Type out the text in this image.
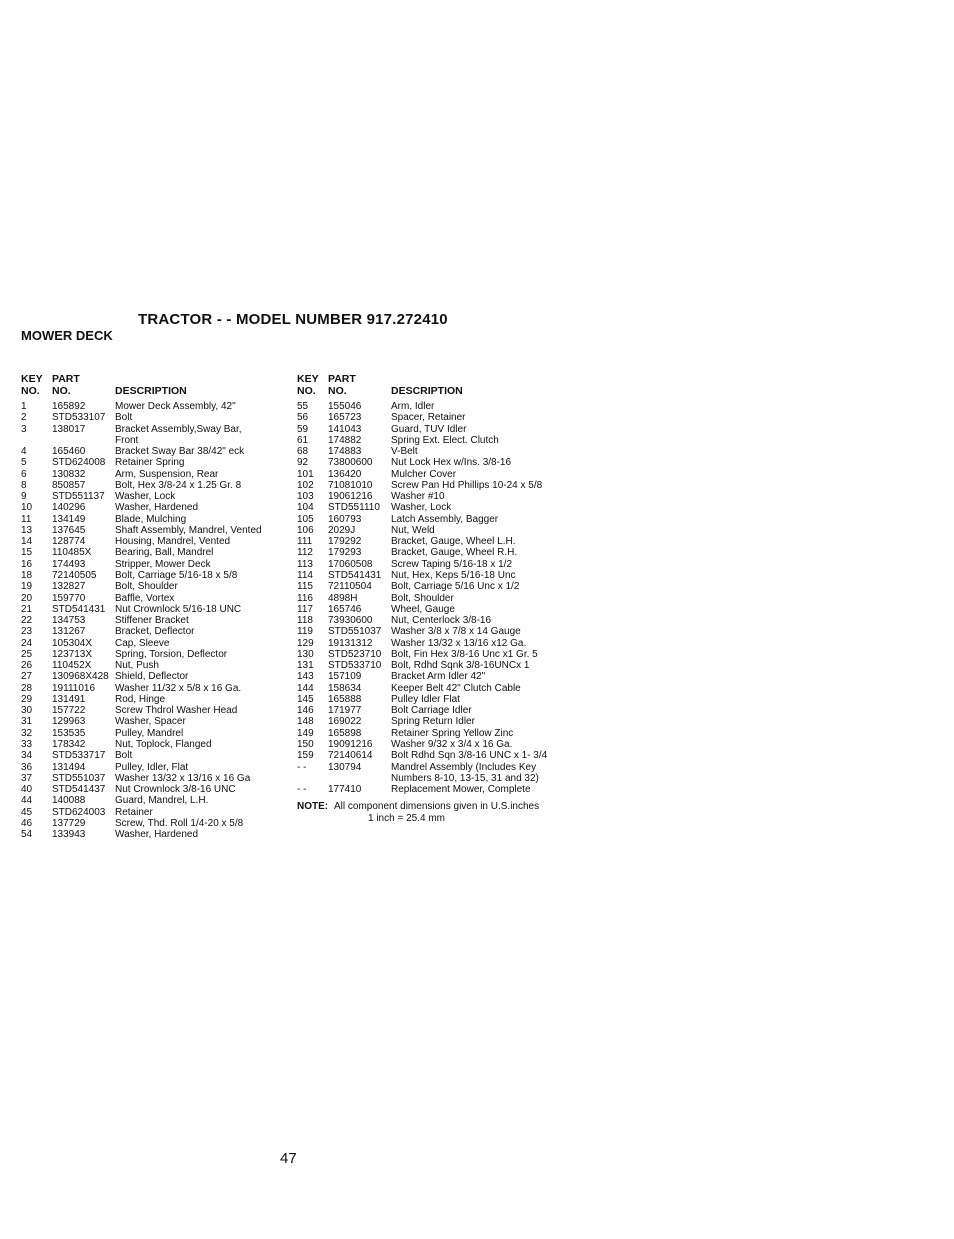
TRACTOR - - MODEL NUMBER 917.272410
MOWER DECK
KEY
NO.
PART
NO.	DESCRIPTION
1	165892	Mower Deck Assembly, 42"
2	STD533107 Bolt
3	138017	Bracket Assembly,Sway Bar,
Front
4	165460	Bracket Sway Bar 38/42" eck
5	STD624008 Retainer Spring
6	130832	Arm, Suspension, Rear
8	850857	Bolt, Hex 3/8-24 x 1.25 Gr. 8
9	STD551137	Washer, Lock
10	140296	Washer, Hardened
11	134149	Blade, Mulching
13	137645	Shaft Assembly, Mandrel, Vented
14	128774	Housing, Mandrel, Vented
15	110485X	Bearing, Ball, Mandrel
16	174493	Stripper, Mower Deck
18	72140505	Bolt, Carriage 5/16-18 x 5/8
19	132827	Bolt, Shoulder
20	159770	Baffle, Vortex
21	STD541431 Nut Crownlock 5/16-18 UNC
22	134753	Stiffener Bracket
23	131267	Bracket, Deflector
24	105304X	Cap, Sleeve
25	123713X	Spring, Torsion, Deflector
26	110452X	Nut, Push
27	130968X428 Shield, Deflector
28	19111016	Washer 11/32 x 5/8 x 16 Ga.
29	131491	Rod, Hinge
30	157722	Screw Thdrol Washer Head
31	129963	Washer, Spacer
32	153535	Pulley, Mandrel
33	178342	Nut, Toplock, Flanged
34	STD533717 Bolt
36	131494	Pulley, Idler, Flat
37	STD551037 Washer 13/32 x 13/16 x 16 Ga
40	STD541437 Nut Crownlock 3/8-16 UNC
44	140088	Guard, Mandrel, L.H.
45	STD624003 Retainer
46	137729	Screw, Thd. Roll 1/4-20 x 5/8
54	133943	Washer, Hardened
KEY
NO.
PART
NO.	DESCRIPTION
55	155046	Arm, Idler
56	165723	Spacer, Retainer
59	141043	Guard, TUV Idler
61	174882	Spring Ext. Elect. Clutch
68	174883	V-Belt
92	73800600	Nut Lock Hex w/Ins. 3/8-16
101	136420	Mulcher Cover
102	71081010	Screw Pan Hd Phillips 10-24 x 5/8
103	19061216	Washer #10
104	STD551110	Washer, Lock
105	160793	Latch Assembly, Bagger
106	2029J	Nut, Weld
111	179292	Bracket, Gauge, Wheel L.H.
112	179293	Bracket, Gauge, Wheel R.H.
113	17060508	Screw Taping 5/16-18 x 1/2
114	STD541431 Nut, Hex, Keps 5/16-18 Unc
115	72110504	Bolt, Carriage 5/16 Unc x 1/2
116	4898H	Bolt, Shoulder
117	165746	Wheel, Gauge
118	73930600	Nut, Centerlock 3/8-16
119	STD551037 Washer 3/8 x 7/8 x 14 Gauge
129	19131312	Washer 13/32 x 13/16 x12 Ga.
130	STD523710 Bolt, Fin Hex 3/8-16 Unc x1 Gr. 5
131	STD533710 Bolt, Rdhd Sqnk 3/8-16UNCx 1
143	157109	Bracket Arm Idler 42"
144	158634	Keeper Belt 42" Clutch Cable
145	165888	Pulley Idler Flat
146	171977	Bolt Carriage Idler
148	169022	Spring Return Idler
149	165898	Retainer Spring Yellow Zinc
150	19091216	Washer 9/32 x 3/4 x 16 Ga.
159	72140614	Bolt Rdhd Sqn 3/8-16 UNC x 1- 3/4
- -	130794	Mandrel Assembly (Includes Key
Numbers 8-10, 13-15, 31 and 32)
- -	177410	Replacement Mower, Complete
NOTE: All component dimensions given in U.S.inches
1 inch = 25.4 mm
47
